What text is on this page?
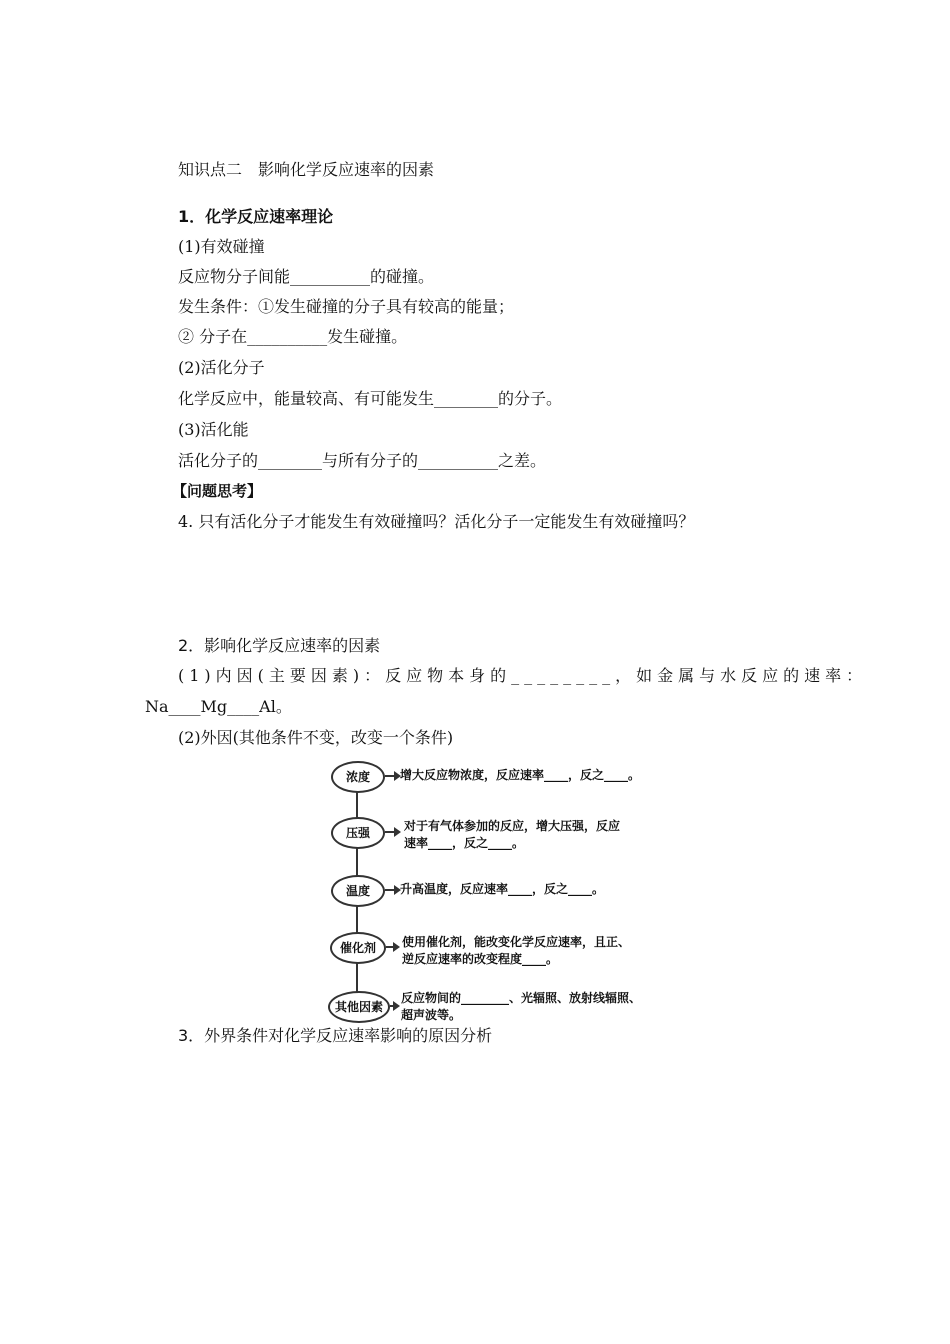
知识点二　影响化学反应速率的因素
1．化学反应速率理论
(1)有效碰撞
反应物分子间能__________的碰撞。
发生条件：①发生碰撞的分子具有较高的能量；
② 分子在__________发生碰撞。
(2)活化分子
化学反应中，能量较高、有可能发生________的分子。
(3)活化能
活化分子的________与所有分子的__________之差。
【问题思考】
4. 只有活化分子才能发生有效碰撞吗？活化分子一定能发生有效碰撞吗？
2．影响化学反应速率的因素
(1)内因(主要因素)：反应物本身的________，如金属与水反应的速率：
Na____Mg____Al。
(2)外因(其他条件不变，改变一个条件)
浓度	增大反应物浓度，反应速率____，反之____。
压强	对于有气体参加的反应，增大压强，反应
速率____，反之____。
温度	升高温度，反应速率____，反之____。
催化剂	使用催化剂，能改变化学反应速率，且正、
逆反应速率的改变程度____。
其他因素
反应物间的________、光辐照、放射线辐照、
超声波等。
3．外界条件对化学反应速率影响的原因分析
